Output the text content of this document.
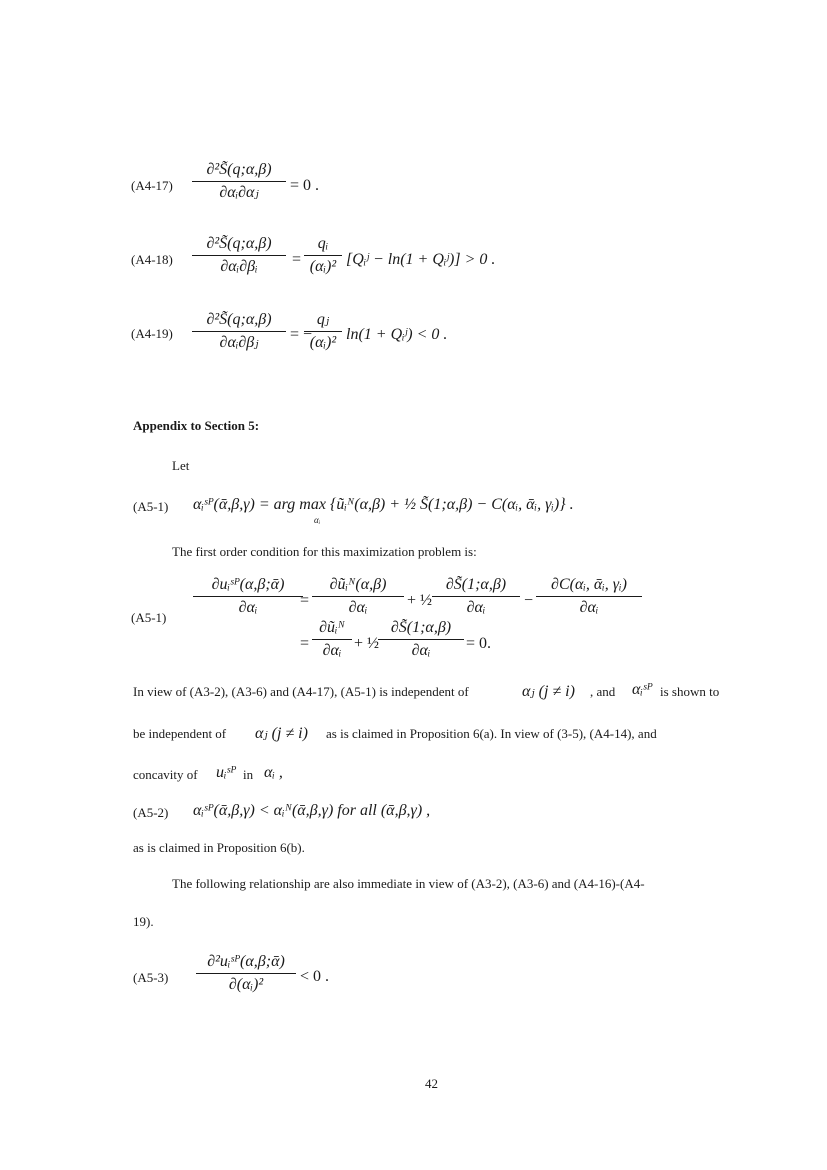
(A4-17)
∂²S̃(q;α,β)
∂αᵢ∂αⱼ	= 0 .
(A4-18)
∂²S̃(q;α,β)
∂αᵢ∂βᵢ	=
qᵢ
(αᵢ)² [Qᵢʲ − ln(1 + Qᵢʲ)] > 0 .
(A4-19)
∂²S̃(q;α,β)
∂αᵢ∂βⱼ	= −
qⱼ
(αᵢ)² ln(1 + Qᵢʲ) < 0 .
Appendix to Section 5:
Let
(A5-1) αᵢˢᴾ(ᾱ,β,γ) = arg max {ũᵢᴺ(α,β) + ½ S̃(1;α,β) − C(αᵢ, ᾱᵢ, γᵢ)} .
αᵢ
The first order condition for this maximization problem is:
(A5-1)
∂uᵢˢᴾ(α,β;ᾱ)
∂αᵢ	=
∂ũᵢᴺ(α,β)
∂αᵢ	+ ½
∂S̃(1;α,β)
∂αᵢ	−
∂C(αᵢ, ᾱᵢ, γᵢ)
∂αᵢ
=
∂ũᵢᴺ
∂αᵢ + ½
∂S̃(1;α,β)
∂αᵢ	= 0.
In view of (A3-2), (A3-6) and (A4-17), (A5-1) is independent of	αⱼ (j ≠ i) , and αᵢˢᴾ is shown to
be independent of αⱼ (j ≠ i) as is claimed in Proposition 6(a). In view of (3-5), (A4-14), and
concavity of uᵢˢᴾ in αᵢ ,
(A5-2) αᵢˢᴾ(ᾱ,β,γ) < αᵢᴺ(ᾱ,β,γ) for all (ᾱ,β,γ) ,
as is claimed in Proposition 6(b).
The following relationship are also immediate in view of (A3-2), (A3-6) and (A4-16)-(A4-
19).
(A5-3)
∂²uᵢˢᴾ(α,β;ᾱ)
∂(αᵢ)²	< 0 .
42
